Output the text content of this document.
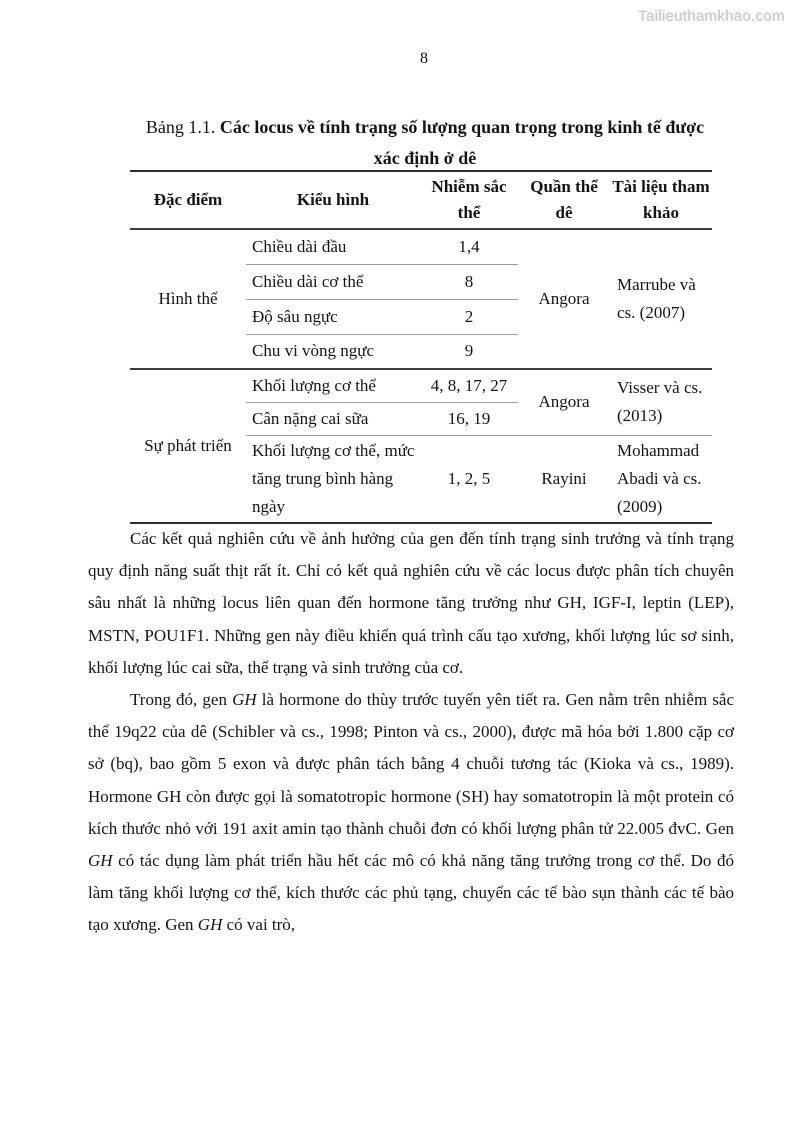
Tailieuthamkhao.com
8
Bảng 1.1. Các locus về tính trạng số lượng quan trọng trong kinh tế được xác định ở dê
Đặc điểm	Kiểu hình	Nhiễm sắc thể	Quần thể dê	Tài liệu tham khảo
Hình thể	Chiều dài đầu	1,4	Angora	Marrube và cs. (2007)
	Chiều dài cơ thể	8		
	Độ sâu ngực	2		
	Chu vi vòng ngực	9		
Sự phát triển	Khối lượng cơ thể	4, 8, 17, 27	Angora	Visser và cs. (2013)
	Cân nặng cai sữa	16, 19		
	Khối lượng cơ thể, mức tăng trung bình hàng ngày	1, 2, 5	Rayini	Mohammad Abadi và cs. (2009)

Các kết quả nghiên cứu về ảnh hưởng của gen đến tính trạng sinh trưởng và tính trạng quy định năng suất thịt rất ít. Chỉ có kết quả nghiên cứu về các locus được phân tích chuyên sâu nhất là những locus liên quan đến hormone tăng trưởng như GH, IGF-I, leptin (LEP), MSTN, POU1F1. Những gen này điều khiển quá trình cấu tạo xương, khối lượng lúc sơ sinh, khối lượng lúc cai sữa, thể trạng và sinh trưởng của cơ.

Trong đó, gen GH là hormone do thùy trước tuyến yên tiết ra. Gen nằm trên nhiễm sắc thể 19q22 của dê (Schibler và cs., 1998; Pinton và cs., 2000), được mã hóa bởi 1.800 cặp cơ sở (bq), bao gồm 5 exon và được phân tách bằng 4 chuỗi tương tác (Kioka và cs., 1989). Hormone GH còn được gọi là somatotropic hormone (SH) hay somatotropin là một protein có kích thước nhỏ với 191 axit amin tạo thành chuỗi đơn có khối lượng phân tử 22.005 đvC. Gen GH có tác dụng làm phát triển hầu hết các mô có khả năng tăng trưởng trong cơ thể. Do đó làm tăng khối lượng cơ thể, kích thước các phủ tạng, chuyển các tế bào sụn thành các tế bào tạo xương. Gen GH có vai trò,
